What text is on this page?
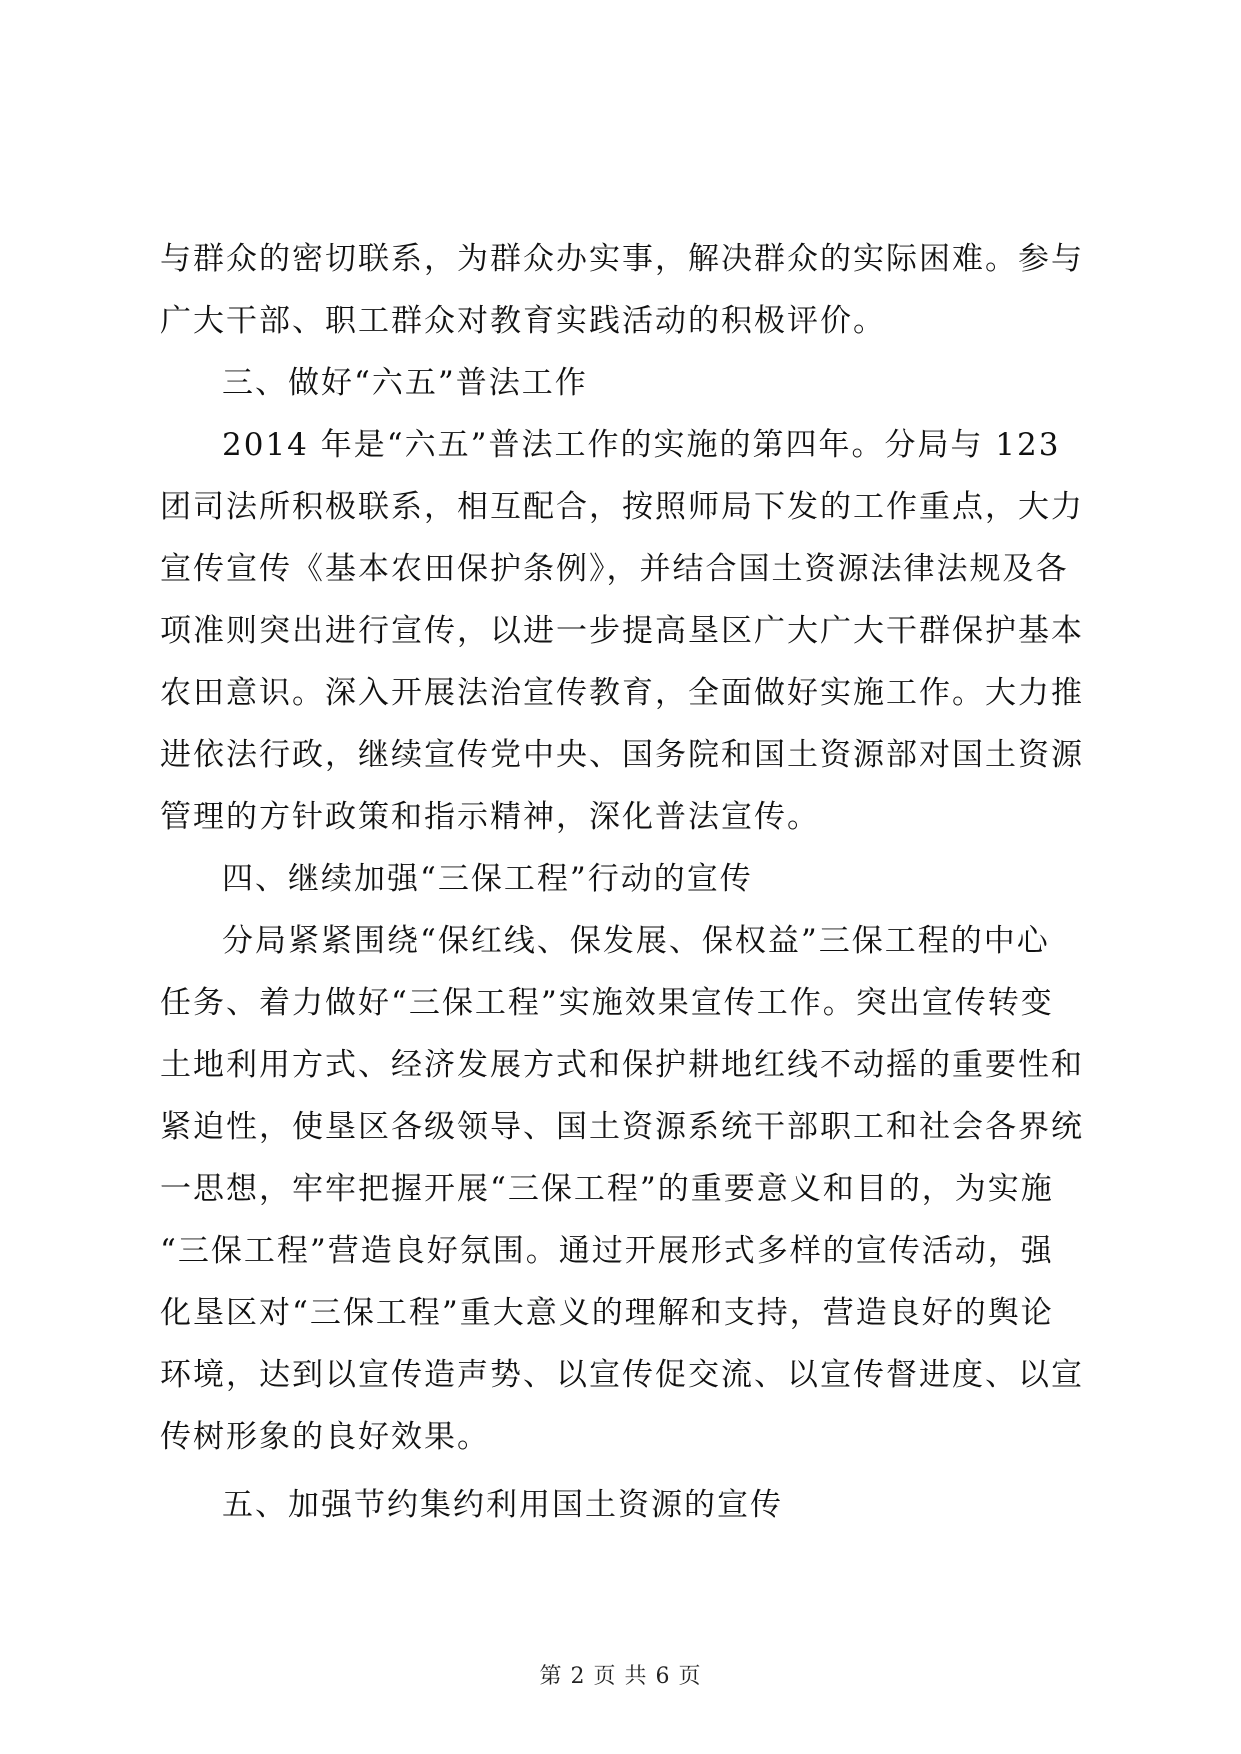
与群众的密切联系，为群众办实事，解决群众的实际困难。参与
广大干部、职工群众对教育实践活动的积极评价。
三、做好“六五”普法工作
2014 年是“六五”普法工作的实施的第四年。分局与 123
团司法所积极联系，相互配合，按照师局下发的工作重点，大力
宣传宣传《基本农田保护条例》，并结合国土资源法律法规及各
项准则突出进行宣传，以进一步提高垦区广大广大干群保护基本
农田意识。深入开展法治宣传教育，全面做好实施工作。大力推
进依法行政，继续宣传党中央、国务院和国土资源部对国土资源
管理的方针政策和指示精神，深化普法宣传。
四、继续加强“三保工程”行动的宣传
分局紧紧围绕“保红线、保发展、保权益”三保工程的中心
任务、着力做好“三保工程”实施效果宣传工作。突出宣传转变
土地利用方式、经济发展方式和保护耕地红线不动摇的重要性和
紧迫性，使垦区各级领导、国土资源系统干部职工和社会各界统
一思想，牢牢把握开展“三保工程”的重要意义和目的，为实施
“三保工程”营造良好氛围。通过开展形式多样的宣传活动，强
化垦区对“三保工程”重大意义的理解和支持，营造良好的舆论
环境，达到以宣传造声势、以宣传促交流、以宣传督进度、以宣
传树形象的良好效果。
五、加强节约集约利用国土资源的宣传
第 2 页 共 6 页
